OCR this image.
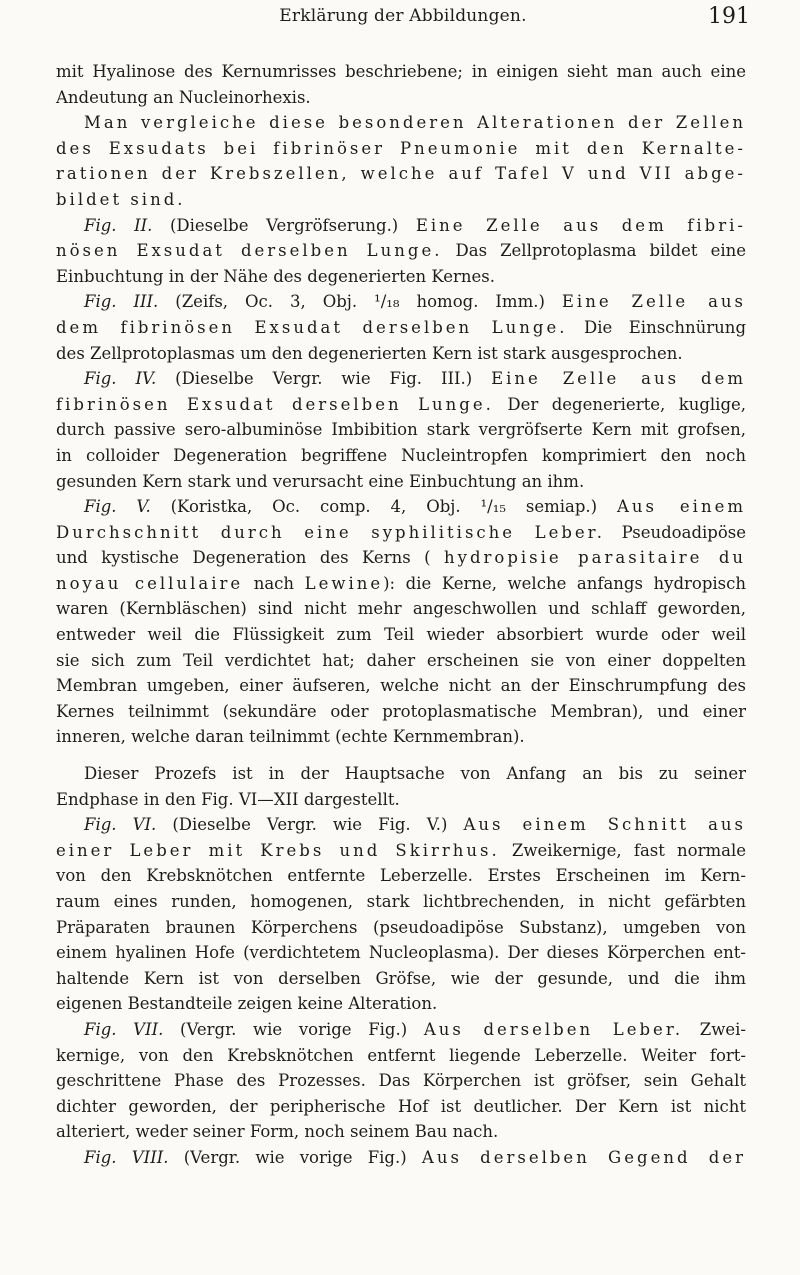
Erklärung der Abbildungen.	191
mit Hyalinose des Kernumrisses beschriebene; in einigen sieht man auch eine
Andeutung an Nucleinorhexis.
Man vergleiche diese besonderen Alterationen der Zellen
des Exsudats bei fibrinöser Pneumonie mit den Kernalte-
rationen der Krebszellen, welche auf Tafel V und VII abge-
bildet sind.
Fig. II. (Dieselbe Vergröfserung.) Eine Zelle aus dem fibri-
nösen Exsudat derselben Lunge. Das Zellprotoplasma bildet eine
Einbuchtung in der Nähe des degenerierten Kernes.
Fig. III. (Zeifs, Oc. 3, Obj. ¹/₁₈ homog. Imm.) Eine Zelle aus
dem fibrinösen Exsudat derselben Lunge. Die Einschnürung
des Zellprotoplasmas um den degenerierten Kern ist stark ausgesprochen.
Fig. IV. (Dieselbe Vergr. wie Fig. III.) Eine Zelle aus dem
fibrinösen Exsudat derselben Lunge. Der degenerierte, kuglige,
durch passive sero-albuminöse Imbibition stark vergröfserte Kern mit grofsen,
in colloider Degeneration begriffene Nucleintropfen komprimiert den noch
gesunden Kern stark und verursacht eine Einbuchtung an ihm.
Fig. V. (Koristka, Oc. comp. 4, Obj. ¹/₁₅ semiap.) Aus einem
Durchschnitt durch eine syphilitische Leber. Pseudoadipöse
und kystische Degeneration des Kerns ( hydropisie parasitaire du
noyau cellulaire nach Lewine): die Kerne, welche anfangs hydropisch
waren (Kernbläschen) sind nicht mehr angeschwollen und schlaff geworden,
entweder weil die Flüssigkeit zum Teil wieder absorbiert wurde oder weil
sie sich zum Teil verdichtet hat; daher erscheinen sie von einer doppelten
Membran umgeben, einer äufseren, welche nicht an der Einschrumpfung des
Kernes teilnimmt (sekundäre oder protoplasmatische Membran), und einer
inneren, welche daran teilnimmt (echte Kernmembran).
Dieser Prozefs ist in der Hauptsache von Anfang an bis zu seiner
Endphase in den Fig. VI—XII dargestellt.
Fig. VI. (Dieselbe Vergr. wie Fig. V.) Aus einem Schnitt aus
einer Leber mit Krebs und Skirrhus. Zweikernige, fast normale
von den Krebsknötchen entfernte Leberzelle. Erstes Erscheinen im Kern-
raum eines runden, homogenen, stark lichtbrechenden, in nicht gefärbten
Präparaten braunen Körperchens (pseudoadipöse Substanz), umgeben von
einem hyalinen Hofe (verdichtetem Nucleoplasma). Der dieses Körperchen ent-
haltende Kern ist von derselben Gröfse, wie der gesunde, und die ihm
eigenen Bestandteile zeigen keine Alteration.
Fig. VII. (Vergr. wie vorige Fig.) Aus derselben Leber. Zwei-
kernige, von den Krebsknötchen entfernt liegende Leberzelle. Weiter fort-
geschrittene Phase des Prozesses. Das Körperchen ist gröfser, sein Gehalt
dichter geworden, der peripherische Hof ist deutlicher. Der Kern ist nicht
alteriert, weder seiner Form, noch seinem Bau nach.
Fig. VIII. (Vergr. wie vorige Fig.) Aus derselben Gegend der
